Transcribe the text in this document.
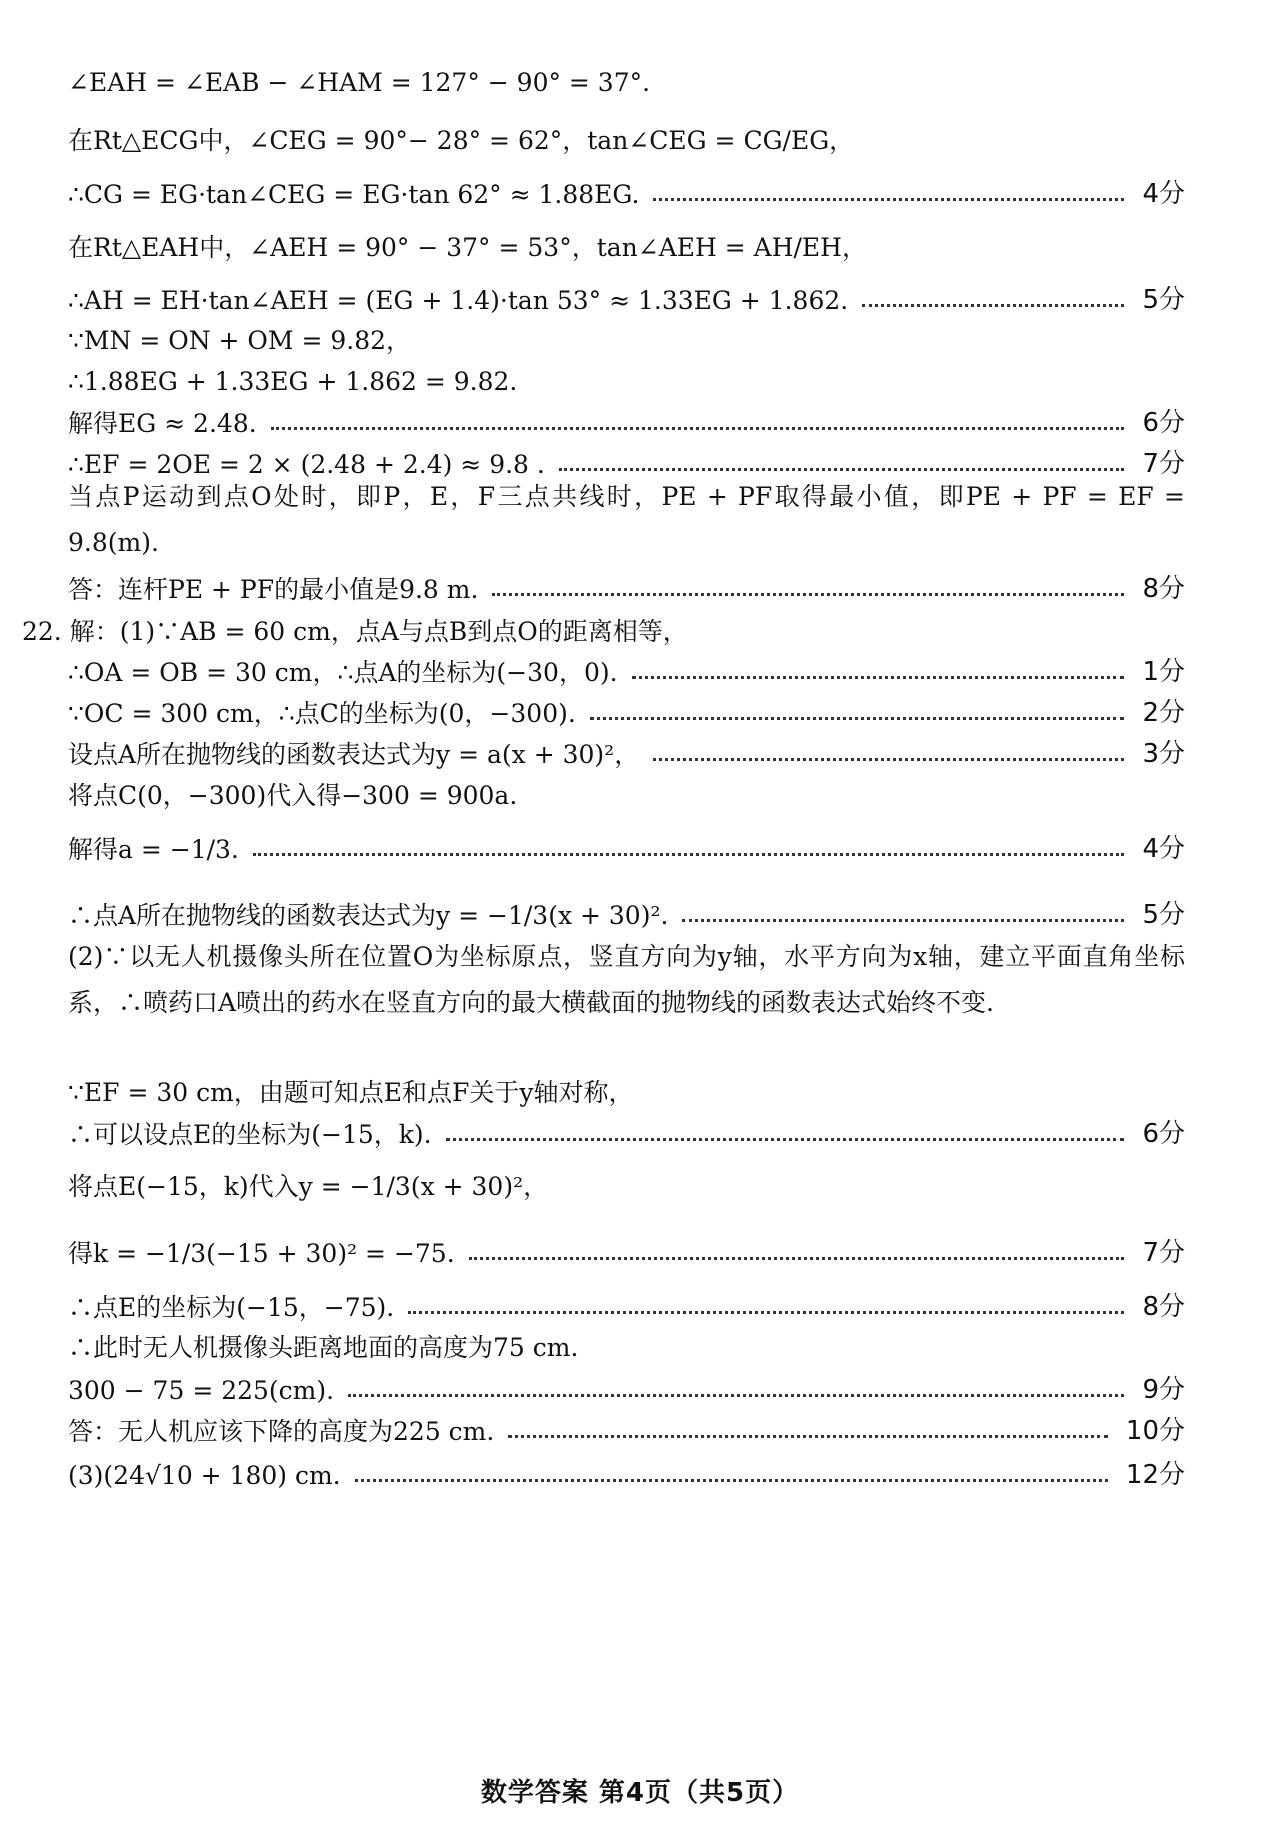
∠EAH = ∠EAB − ∠HAM = 127° − 90° = 37°.
在Rt△ECG中，∠CEG = 90°− 28° = 62°，tan∠CEG = CG/EG，
∴CG = EG·tan∠CEG = EG·tan 62° ≈ 1.88EG.	4分
在Rt△EAH中，∠AEH = 90° − 37° = 53°，tan∠AEH = AH/EH，
∴AH = EH·tan∠AEH = (EG + 1.4)·tan 53° ≈ 1.33EG + 1.862.	5分
∵MN = ON + OM = 9.82，
∴1.88EG + 1.33EG + 1.862 = 9.82.
解得EG ≈ 2.48.	6分
∴EF = 2OE = 2 × (2.48 + 2.4) ≈ 9.8 .	7分
当点P运动到点O处时，即P，E，F三点共线时，PE + PF取得最小值，即PE + PF = EF = 9.8(m).
答：连杆PE + PF的最小值是9.8 m.	8分
22. 解：(1)∵AB = 60 cm，点A与点B到点O的距离相等，
∴OA = OB = 30 cm，∴点A的坐标为(−30，0).	1分
∵OC = 300 cm，∴点C的坐标为(0，−300).	2分
设点A所在抛物线的函数表达式为y = a(x + 30)²，	3分
将点C(0，−300)代入得−300 = 900a.
解得a = −1/3.	4分
∴点A所在抛物线的函数表达式为y = −1/3(x + 30)².	5分
(2)∵以无人机摄像头所在位置O为坐标原点，竖直方向为y轴，水平方向为x轴，建立平面直角坐标系，∴喷药口A喷出的药水在竖直方向的最大横截面的抛物线的函数表达式始终不变.
∵EF = 30 cm，由题可知点E和点F关于y轴对称，
∴可以设点E的坐标为(−15，k).	6分
将点E(−15，k)代入y = −1/3(x + 30)²，
得k = −1/3(−15 + 30)² = −75.	7分
∴点E的坐标为(−15，−75).	8分
∴此时无人机摄像头距离地面的高度为75 cm.
300 − 75 = 225(cm).	9分
答：无人机应该下降的高度为225 cm.	10分
(3)(24√10 + 180) cm.	12分
数学答案 第4页（共5页）
